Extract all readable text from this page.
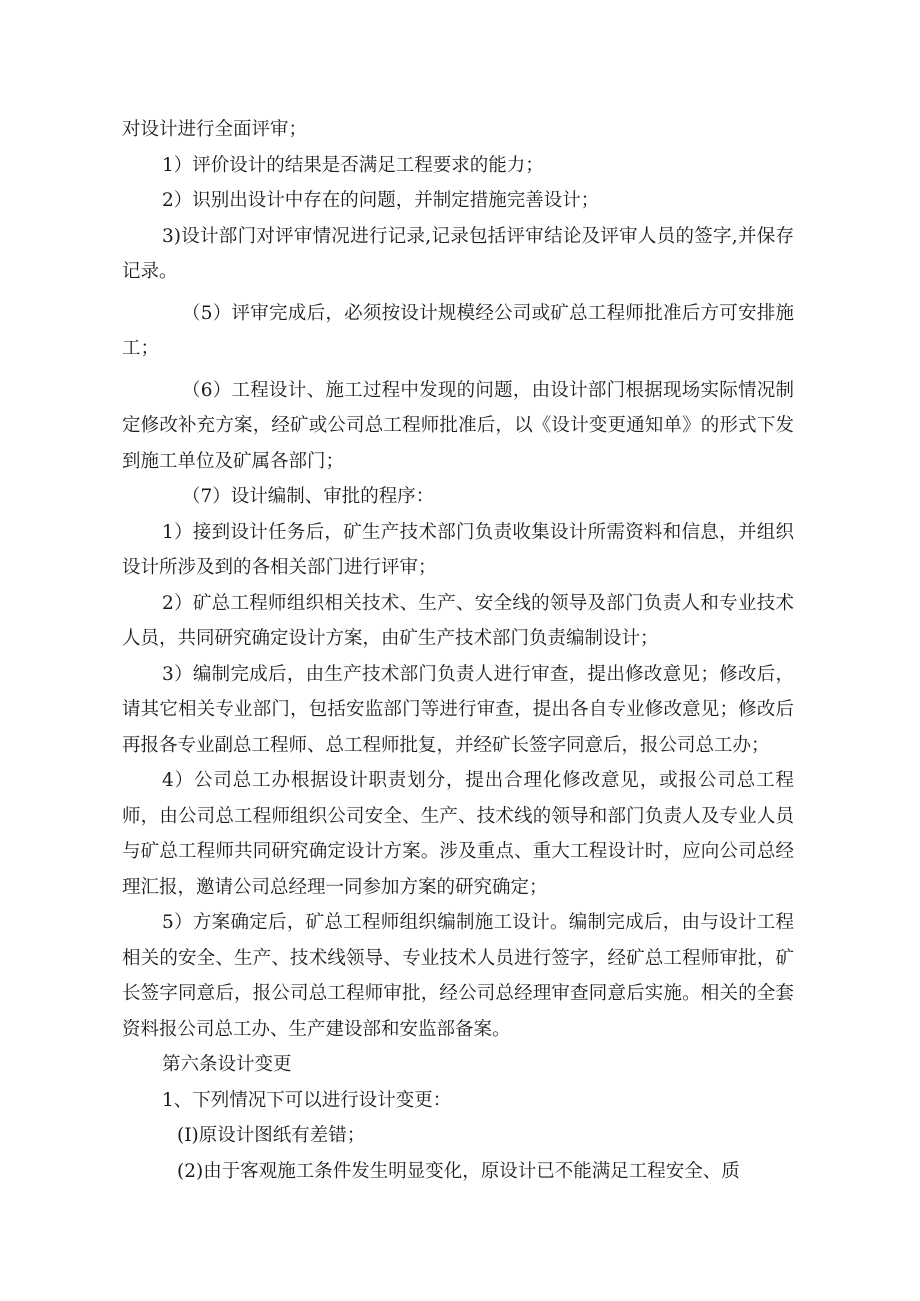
对设计进行全面评审；

1）评价设计的结果是否满足工程要求的能力；

2）识别出设计中存在的问题，并制定措施完善设计；

3)设计部门对评审情况进行记录,记录包括评审结论及评审人员的签字,并保存记录。

（5）评审完成后，必须按设计规模经公司或矿总工程师批准后方可安排施工；

（6）工程设计、施工过程中发现的问题，由设计部门根据现场实际情况制定修改补充方案，经矿或公司总工程师批准后，以《设计变更通知单》的形式下发到施工单位及矿属各部门；

（7）设计编制、审批的程序：

1）接到设计任务后，矿生产技术部门负责收集设计所需资料和信息，并组织设计所涉及到的各相关部门进行评审；

2）矿总工程师组织相关技术、生产、安全线的领导及部门负责人和专业技术人员，共同研究确定设计方案，由矿生产技术部门负责编制设计；

3）编制完成后，由生产技术部门负责人进行审查，提出修改意见；修改后，请其它相关专业部门，包括安监部门等进行审查，提出各自专业修改意见；修改后再报各专业副总工程师、总工程师批复，并经矿长签字同意后，报公司总工办；

4）公司总工办根据设计职责划分，提出合理化修改意见，或报公司总工程师，由公司总工程师组织公司安全、生产、技术线的领导和部门负责人及专业人员与矿总工程师共同研究确定设计方案。涉及重点、重大工程设计时，应向公司总经理汇报，邀请公司总经理一同参加方案的研究确定；

5）方案确定后，矿总工程师组织编制施工设计。编制完成后，由与设计工程相关的安全、生产、技术线领导、专业技术人员进行签字，经矿总工程师审批，矿长签字同意后，报公司总工程师审批，经公司总经理审查同意后实施。相关的全套资料报公司总工办、生产建设部和安监部备案。

第六条设计变更

1、下列情况下可以进行设计变更：

(I)原设计图纸有差错；

(2)由于客观施工条件发生明显变化，原设计已不能满足工程安全、质
